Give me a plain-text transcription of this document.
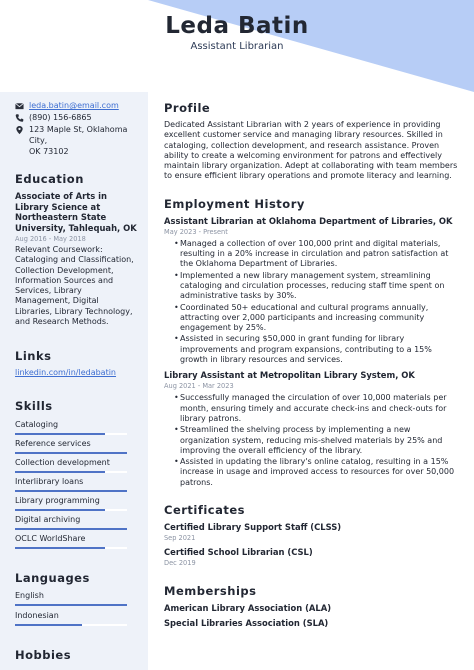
Leda Batin
Assistant Librarian
leda.batin@email.com
(890) 156-6865
123 Maple St, Oklahoma City,
OK 73102
Education
Associate of Arts in Library Science at Northeastern State University, Tahlequah, OK
Aug 2016 - May 2018
Relevant Coursework: Cataloging and Classification, Collection Development, Information Sources and Services, Library Management, Digital Libraries, Library Technology, and Research Methods.
Links
linkedin.com/in/ledabatin
Skills
Cataloging
Reference services
Collection development
Interlibrary loans
Library programming
Digital archiving
OCLC WorldShare
Languages
English
Indonesian
Hobbies
Profile
Dedicated Assistant Librarian with 2 years of experience in providing excellent customer service and managing library resources. Skilled in cataloging, collection development, and research assistance. Proven ability to create a welcoming environment for patrons and effectively maintain library organization. Adept at collaborating with team members to ensure efficient library operations and promote literacy and learning.
Employment History
Assistant Librarian at Oklahoma Department of Libraries, OK
May 2023 - Present
• Managed a collection of over 100,000 print and digital materials, resulting in a 20% increase in circulation and patron satisfaction at the Oklahoma Department of Libraries.
• Implemented a new library management system, streamlining cataloging and circulation processes, reducing staff time spent on administrative tasks by 30%.
• Coordinated 50+ educational and cultural programs annually, attracting over 2,000 participants and increasing community engagement by 25%.
• Assisted in securing $50,000 in grant funding for library improvements and program expansions, contributing to a 15% growth in library resources and services.
Library Assistant at Metropolitan Library System, OK
Aug 2021 - Mar 2023
• Successfully managed the circulation of over 10,000 materials per month, ensuring timely and accurate check-ins and check-outs for library patrons.
• Streamlined the shelving process by implementing a new organization system, reducing mis-shelved materials by 25% and improving the overall efficiency of the library.
• Assisted in updating the library's online catalog, resulting in a 15% increase in usage and improved access to resources for over 50,000 patrons.
Certificates
Certified Library Support Staff (CLSS)
Sep 2021
Certified School Librarian (CSL)
Dec 2019
Memberships
American Library Association (ALA)
Special Libraries Association (SLA)
